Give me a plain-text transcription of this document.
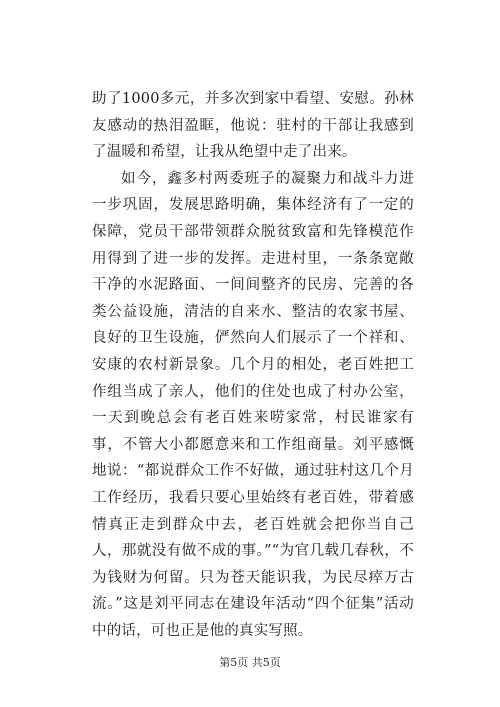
助了1000多元，并多次到家中看望、安慰。孙林友感动的热泪盈眶，他说：驻村的干部让我感到了温暖和希望，让我从绝望中走了出来。

如今，鑫多村两委班子的凝聚力和战斗力进一步巩固，发展思路明确，集体经济有了一定的保障，党员干部带领群众脱贫致富和先锋模范作用得到了进一步的发挥。走进村里，一条条宽敞干净的水泥路面、一间间整齐的民房、完善的各类公益设施，清洁的自来水、整洁的农家书屋、良好的卫生设施，俨然向人们展示了一个祥和、安康的农村新景象。几个月的相处，老百姓把工作组当成了亲人，他们的住处也成了村办公室，一天到晚总会有老百姓来唠家常，村民谁家有事，不管大小都愿意来和工作组商量。刘平感慨地说：“都说群众工作不好做，通过驻村这几个月工作经历，我看只要心里始终有老百姓，带着感情真正走到群众中去，老百姓就会把你当自己人，那就没有做不成的事。”“为官几载几春秋，不为钱财为何留。只为苍天能识我，为民尽瘁万古流。”这是刘平同志在建设年活动“四个征集”活动中的话，可也正是他的真实写照。

第5页 共5页
